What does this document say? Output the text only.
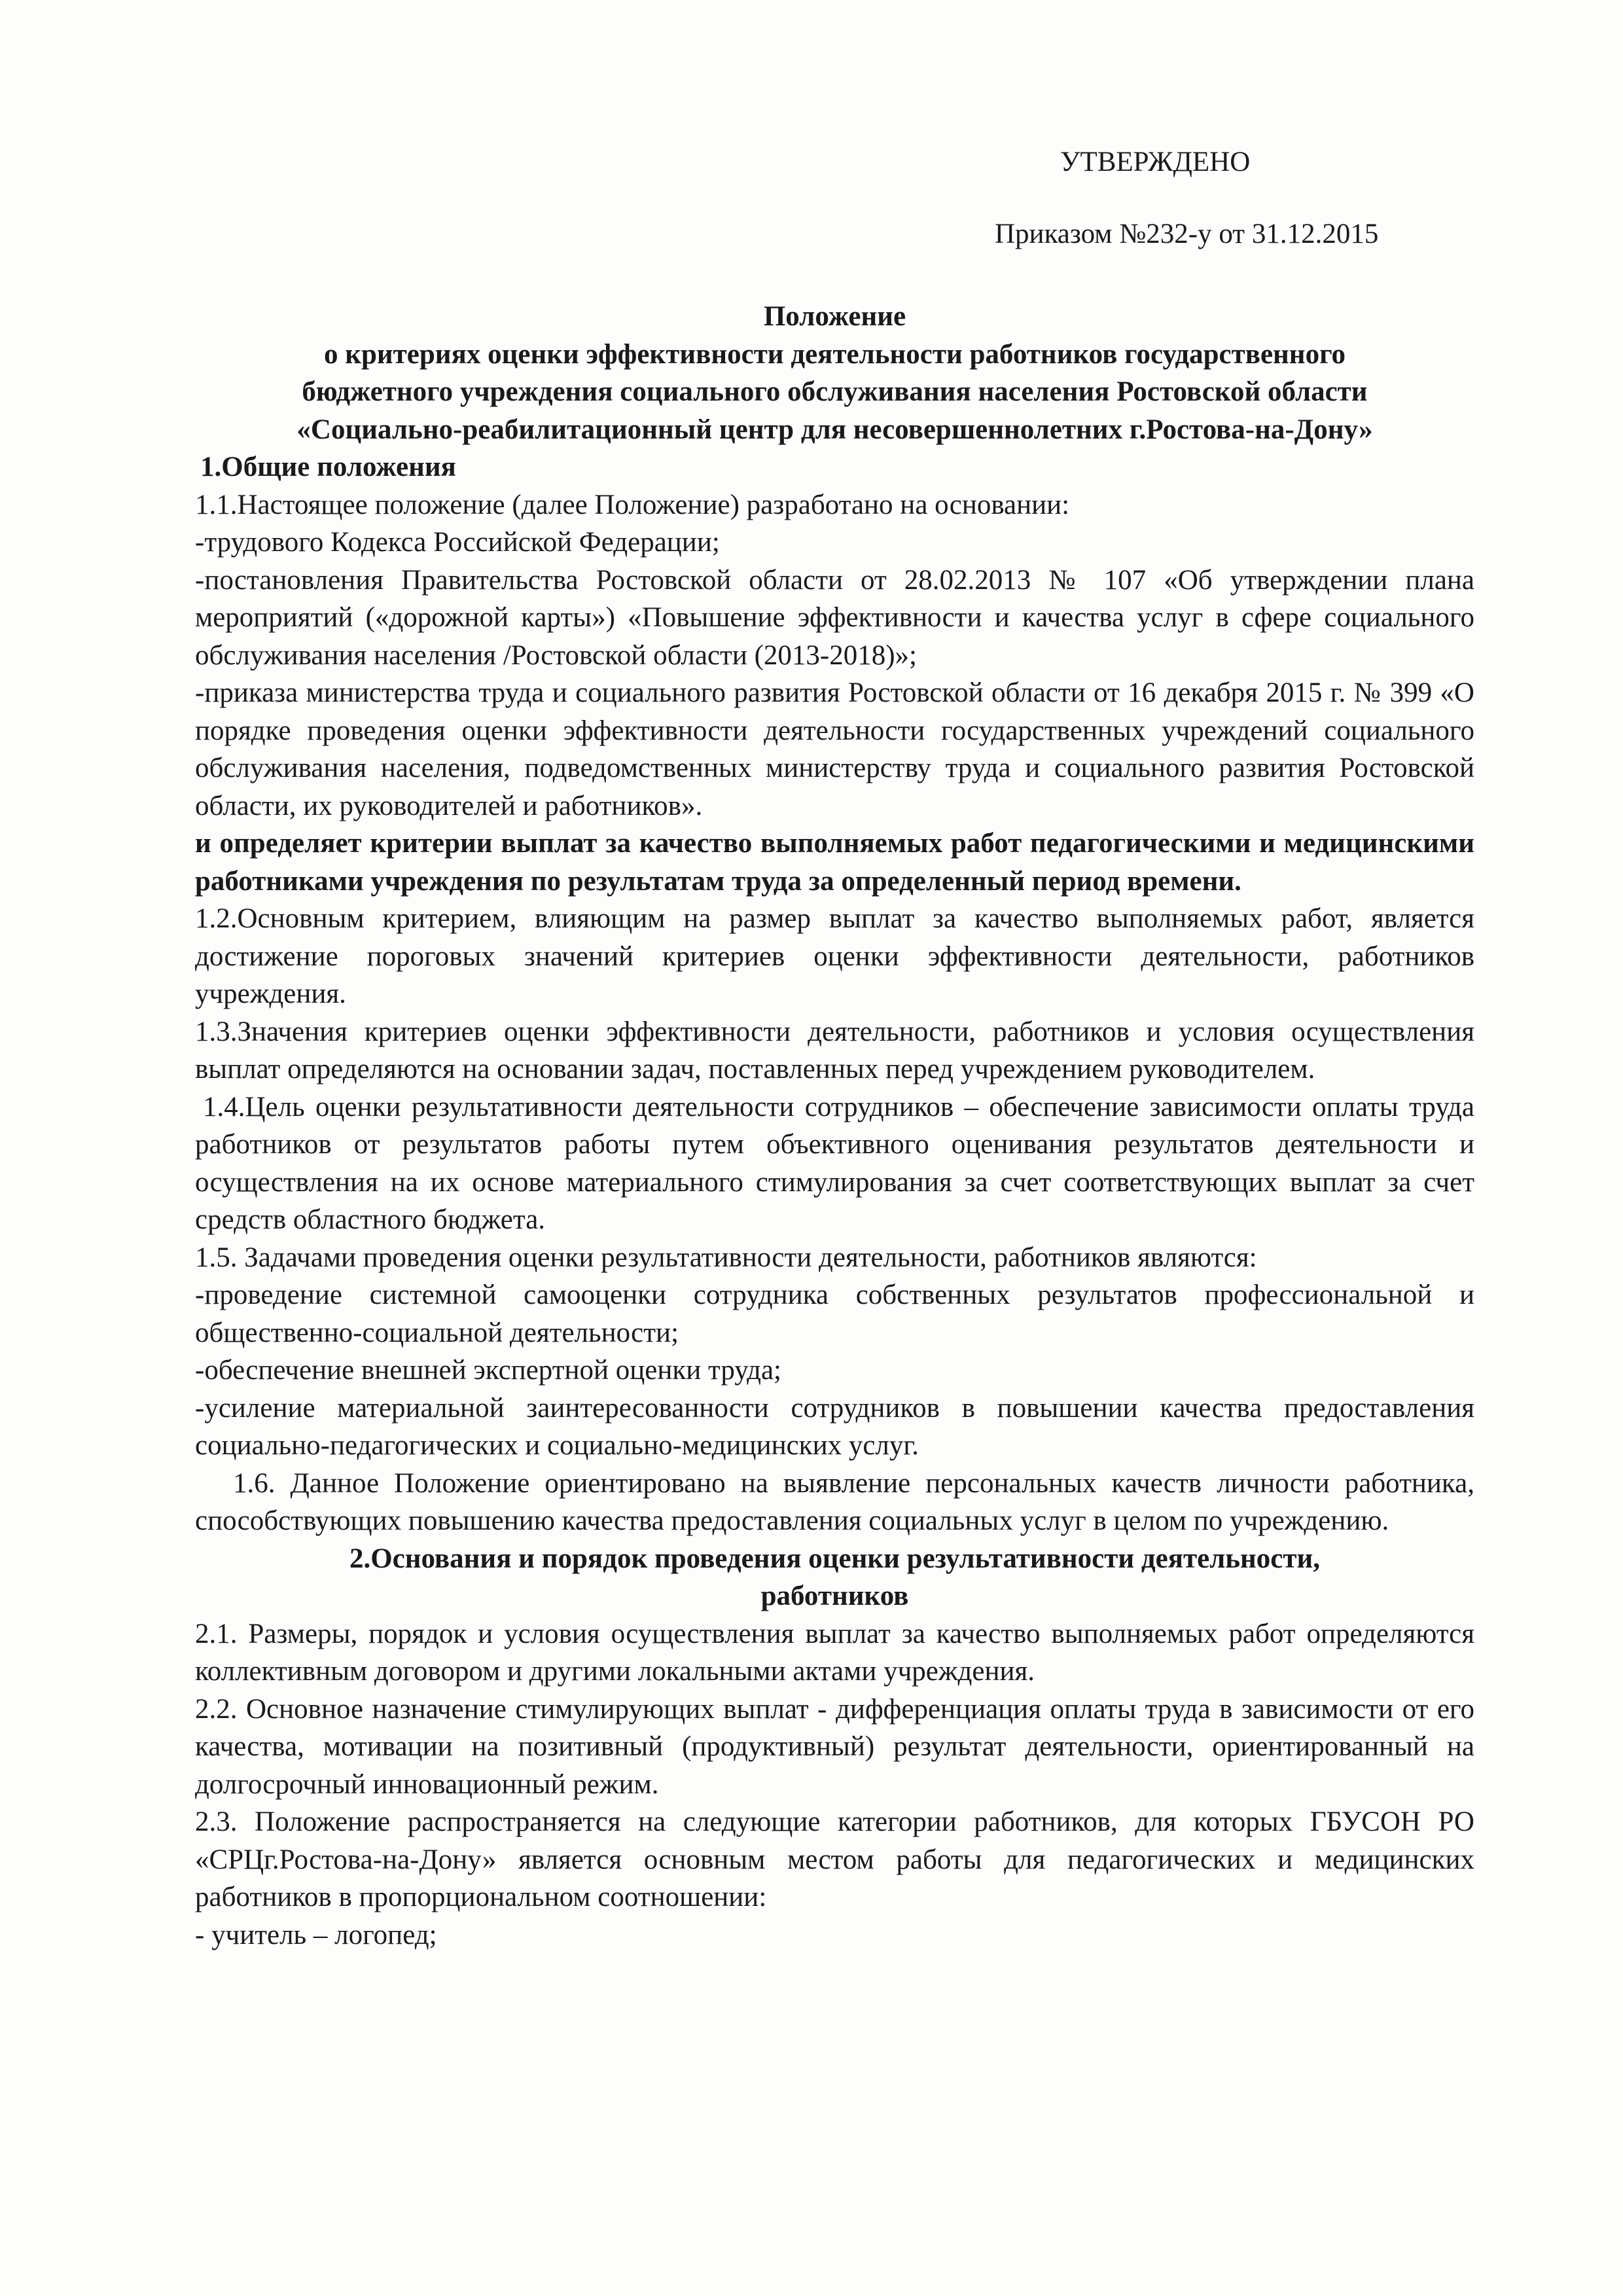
УТВЕРЖДЕНО
Приказом №232-у от 31.12.2015
Положение
о критериях оценки эффективности деятельности работников государственного
бюджетного учреждения социального обслуживания населения Ростовской области
«Социально-реабилитационный центр для несовершеннолетних г.Ростова-на-Дону»
1.Общие положения

1.1.Настоящее положение (далее Положение) разработано на основании:

-трудового Кодекса Российской Федерации;

-постановления Правительства Ростовской области от 28.02.2013 № 107 «Об утверждении плана мероприятий («дорожной карты») «Повышение эффективности и качества услуг в сфере социального обслуживания населения /Ростовской области (2013-2018)»;

-приказа министерства труда и социального развития Ростовской области от 16 декабря 2015 г. № 399 «О порядке проведения оценки эффективности деятельности государственных учреждений социального обслуживания населения, подведомственных министерству труда и социального развития Ростовской области, их руководителей и работников».

и определяет критерии выплат за качество выполняемых работ педагогическими и медицинскими работниками учреждения по результатам труда за определенный период времени.

1.2.Основным критерием, влияющим на размер выплат за качество выполняемых работ, является достижение пороговых значений критериев оценки эффективности деятельности, работников учреждения.

1.3.Значения критериев оценки эффективности деятельности, работников и условия осуществления выплат определяются на основании задач, поставленных перед учреждением руководителем.

1.4.Цель оценки результативности деятельности сотрудников – обеспечение зависимости оплаты труда работников от результатов работы путем объективного оценивания результатов деятельности и осуществления на их основе материального стимулирования за счет соответствующих выплат за счет средств областного бюджета.

1.5. Задачами проведения оценки результативности деятельности, работников являются:

-проведение системной самооценки сотрудника собственных результатов профессиональной и общественно-социальной деятельности;

-обеспечение внешней экспертной оценки труда;

-усиление материальной заинтересованности сотрудников в повышении качества предоставления социально-педагогических и социально-медицинских услуг.

1.6. Данное Положение ориентировано на выявление персональных качеств личности работника, способствующих повышению качества предоставления социальных услуг в целом по учреждению.

2.Основания и порядок проведения оценки результативности деятельности,
работников

2.1. Размеры, порядок и условия осуществления выплат за качество выполняемых работ определяются коллективным договором и другими локальными актами учреждения.

2.2. Основное назначение стимулирующих выплат - дифференциация оплаты труда в зависимости от его качества, мотивации на позитивный (продуктивный) результат деятельности, ориентированный на долгосрочный инновационный режим.

2.3. Положение распространяется на следующие категории работников, для которых ГБУСОН РО «СРЦг.Ростова-на-Дону» является основным местом работы для педагогических и медицинских работников в пропорциональном соотношении:

- учитель – логопед;
